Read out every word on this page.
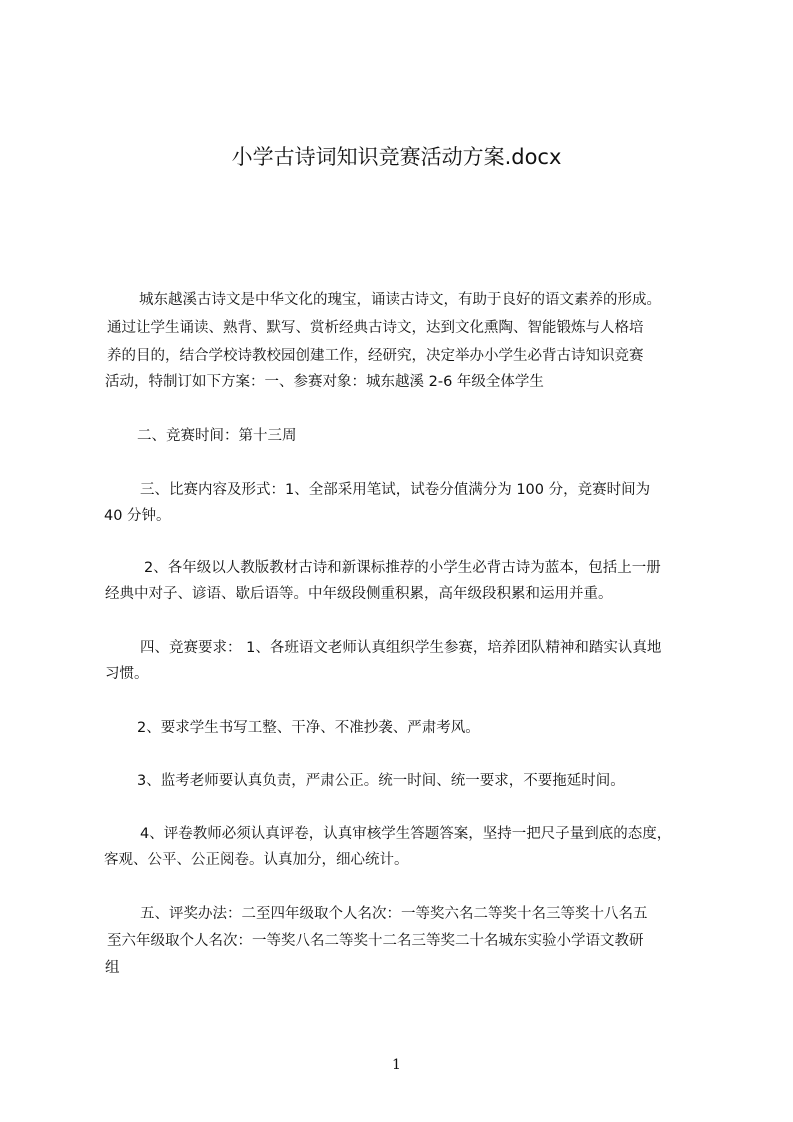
小学古诗词知识竞赛活动方案.docx
城东越溪古诗文是中华文化的瑰宝，诵读古诗文，有助于良好的语文素养的形成。
通过让学生诵读、熟背、默写、赏析经典古诗文，达到文化熏陶、智能锻炼与人格培
养的目的，结合学校诗教校园创建工作，经研究，决定举办小学生必背古诗知识竞赛
活动，特制订如下方案：一、参赛对象：城东越溪 2-6 年级全体学生
二、竞赛时间：第十三周
三、比赛内容及形式：1、全部采用笔试，试卷分值满分为 100 分，竞赛时间为
40 分钟。
2、各年级以人教版教材古诗和新课标推荐的小学生必背古诗为蓝本，包括上一册
经典中对子、谚语、歇后语等。中年级段侧重积累，高年级段积累和运用并重。
四、竞赛要求： 1、各班语文老师认真组织学生参赛，培养团队精神和踏实认真地
习惯。
2、要求学生书写工整、干净、不准抄袭、严肃考风。
3、监考老师要认真负责，严肃公正。统一时间、统一要求，不要拖延时间。
4、评卷教师必须认真评卷，认真审核学生答题答案，坚持一把尺子量到底的态度，
客观、公平、公正阅卷。认真加分，细心统计。
五、评奖办法：二至四年级取个人名次：一等奖六名二等奖十名三等奖十八名五
至六年级取个人名次：一等奖八名二等奖十二名三等奖二十名城东实验小学语文教研
组
1
